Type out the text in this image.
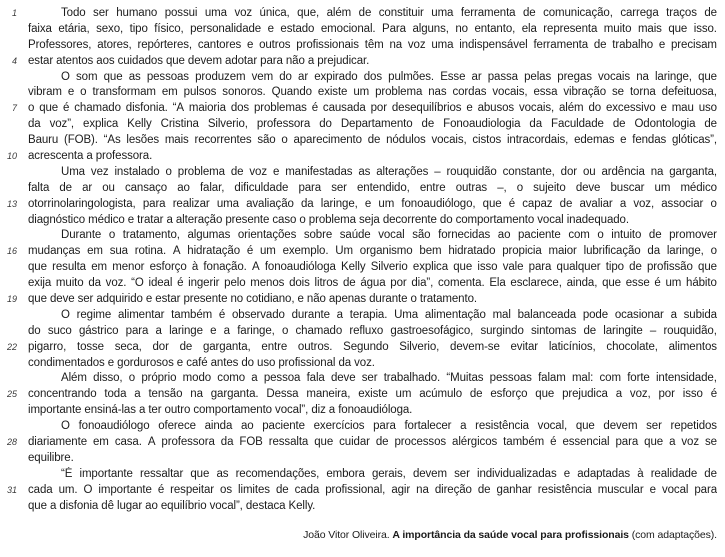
1	Todo ser humano possui uma voz única, que, além de constituir uma ferramenta de comunicação, carrega traços de
faixa etária, sexo, tipo físico, personalidade e estado emocional. Para alguns, no entanto, ela representa muito mais que isso.
Professores, atores, repórteres, cantores e outros profissionais têm na voz uma indispensável ferramenta de trabalho e precisam
4 estar atentos aos cuidados que devem adotar para não a prejudicar.
O som que as pessoas produzem vem do ar expirado dos pulmões. Esse ar passa pelas pregas vocais na laringe, que
vibram e o transformam em pulsos sonoros. Quando existe um problema nas cordas vocais, essa vibração se torna defeituosa,
7 o que é chamado disfonia. “A maioria dos problemas é causada por desequilíbrios e abusos vocais, além do excessivo e mau uso
da voz”, explica Kelly Cristina Silverio, professora do Departamento de Fonoaudiologia da Faculdade de Odontologia de
Bauru (FOB). “As lesões mais recorrentes são o aparecimento de nódulos vocais, cistos intracordais, edemas e fendas glóticas”,
10 acrescenta a professora.
Uma vez instalado o problema de voz e manifestadas as alterações – rouquidão constante, dor ou ardência na garganta,
falta de ar ou cansaço ao falar, dificuldade para ser entendido, entre outras –, o sujeito deve buscar um médico
13 otorrinolaringologista, para realizar uma avaliação da laringe, e um fonoaudiólogo, que é capaz de avaliar a voz, associar o
diagnóstico médico e tratar a alteração presente caso o problema seja decorrente do comportamento vocal inadequado.
Durante o tratamento, algumas orientações sobre saúde vocal são fornecidas ao paciente com o intuito de promover
16 mudanças em sua rotina. A hidratação é um exemplo. Um organismo bem hidratado propicia maior lubrificação da laringe, o
que resulta em menor esforço à fonação. A fonoaudióloga Kelly Silverio explica que isso vale para qualquer tipo de profissão que
exija muito da voz. “O ideal é ingerir pelo menos dois litros de água por dia”, comenta. Ela esclarece, ainda, que esse é um hábito
19 que deve ser adquirido e estar presente no cotidiano, e não apenas durante o tratamento.
O regime alimentar também é observado durante a terapia. Uma alimentação mal balanceada pode ocasionar a subida
do suco gástrico para a laringe e a faringe, o chamado refluxo gastroesofágico, surgindo sintomas de laringite – rouquidão,
22 pigarro, tosse seca, dor de garganta, entre outros. Segundo Silverio, devem-se evitar laticínios, chocolate, alimentos
condimentados e gordurosos e café antes do uso profissional da voz.
Além disso, o próprio modo como a pessoa fala deve ser trabalhado. “Muitas pessoas falam mal: com forte intensidade,
25 concentrando toda a tensão na garganta. Dessa maneira, existe um acúmulo de esforço que prejudica a voz, por isso é
importante ensiná-las a ter outro comportamento vocal”, diz a fonoaudióloga.
O fonoaudiólogo oferece ainda ao paciente exercícios para fortalecer a resistência vocal, que devem ser repetidos
28 diariamente em casa. A professora da FOB ressalta que cuidar de processos alérgicos também é essencial para que a voz se
equilibre.
“É importante ressaltar que as recomendações, embora gerais, devem ser individualizadas e adaptadas à realidade de
31 cada um. O importante é respeitar os limites de cada profissional, agir na direção de ganhar resistência muscular e vocal para
que a disfonia dê lugar ao equilíbrio vocal”, destaca Kelly.
João Vitor Oliveira. A importância da saúde vocal para profissionais (com adaptações).
